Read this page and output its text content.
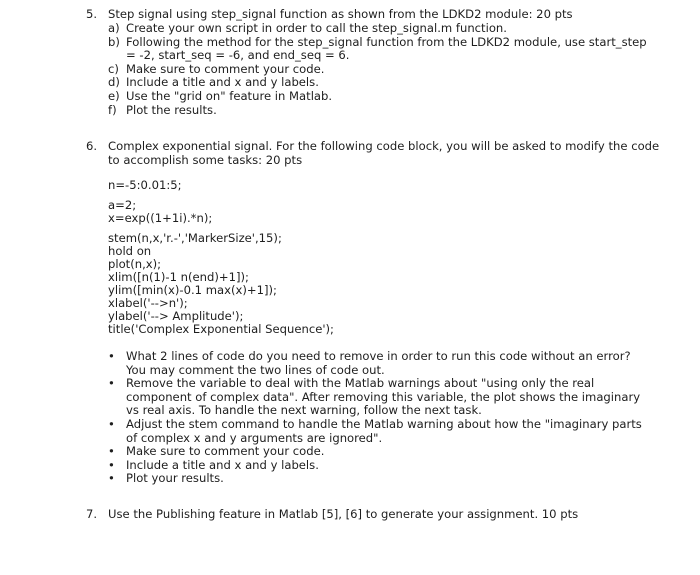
5. Step signal using step_signal function as shown from the LDKD2 module: 20 pts
a) Create your own script in order to call the step_signal.m function.
b) Following the method for the step_signal function from the LDKD2 module, use start_step = -2, start_seq = -6, and end_seq = 6.
c) Make sure to comment your code.
d) Include a title and x and y labels.
e) Use the "grid on" feature in Matlab.
f) Plot the results.
6. Complex exponential signal. For the following code block, you will be asked to modify the code to accomplish some tasks: 20 pts
n=-5:0.01:5;
a=2;
x=exp((1+1i).*n);
stem(n,x,'r.-','MarkerSize',15);
hold on
plot(n,x);
xlim([n(1)-1 n(end)+1]);
ylim([min(x)-0.1 max(x)+1]);
xlabel('-->n');
ylabel('--> Amplitude');
title('Complex Exponential Sequence');
• What 2 lines of code do you need to remove in order to run this code without an error? You may comment the two lines of code out.
• Remove the variable to deal with the Matlab warnings about "using only the real component of complex data". After removing this variable, the plot shows the imaginary vs real axis. To handle the next warning, follow the next task.
• Adjust the stem command to handle the Matlab warning about how the "imaginary parts of complex x and y arguments are ignored".
• Make sure to comment your code.
• Include a title and x and y labels.
• Plot your results.
7. Use the Publishing feature in Matlab [5], [6] to generate your assignment. 10 pts
